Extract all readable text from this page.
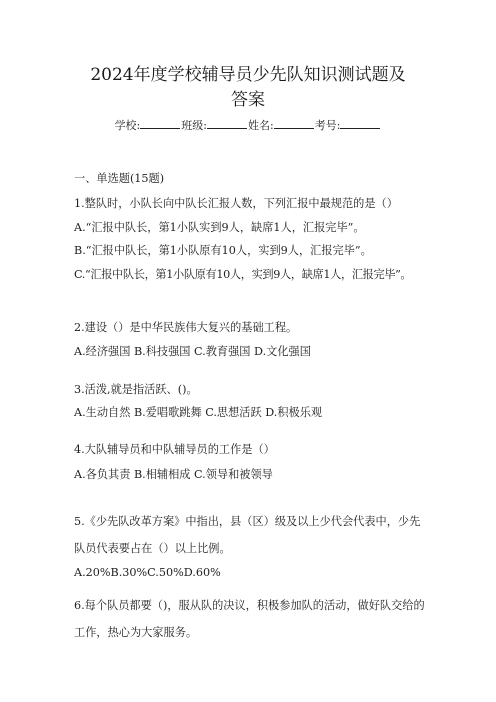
2024年度学校辅导员少先队知识测试题及
答案
学校:	班级:	姓名:	考号:
一、单选题(15题)
1.整队时，小队长向中队长汇报人数，下列汇报中最规范的是（）
A.“汇报中队长，第1小队实到9人，缺席1人，汇报完毕”。
B.“汇报中队长，第1小队原有10人，实到9人，汇报完毕”。
C.“汇报中队长，第1小队原有10人，实到9人，缺席1人，汇报完毕”。
2.建设（）是中华民族伟大复兴的基础工程。
A.经济强国 B.科技强国 C.教育强国 D.文化强国
3.活泼,就是指活跃、()。
A.生动自然 B.爱唱歌跳舞 C.思想活跃 D.积极乐观
4.大队辅导员和中队辅导员的工作是（）
A.各负其责 B.相辅相成 C.领导和被领导
5.《少先队改革方案》中指出，县（区）级及以上少代会代表中，少先
队员代表要占在（）以上比例。
A.20%B.30%C.50%D.60%
6.每个队员都要（)，服从队的决议，积极参加队的活动，做好队交给的
工作，热心为大家服务。
